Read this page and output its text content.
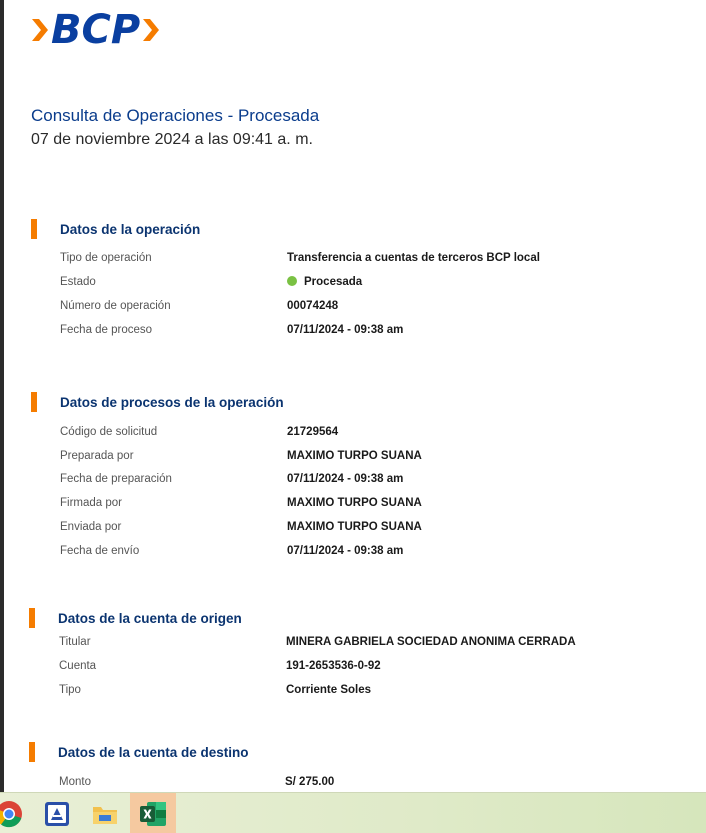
BCP
Consulta de Operaciones - Procesada
07 de noviembre 2024 a las 09:41 a. m.
Datos de la operación
Tipo de operación	Transferencia a cuentas de terceros BCP local
Estado	Procesada
Número de operación	00074248
Fecha de proceso	07/11/2024 - 09:38 am
Datos de procesos de la operación
Código de solicitud	21729564
Preparada por	MAXIMO TURPO SUANA
Fecha de preparación	07/11/2024 - 09:38 am
Firmada por	MAXIMO TURPO SUANA
Enviada por	MAXIMO TURPO SUANA
Fecha de envío	07/11/2024 - 09:38 am
Datos de la cuenta de origen
Titular	MINERA GABRIELA SOCIEDAD ANONIMA CERRADA
Cuenta	191-2653536-0-92
Tipo	Corriente Soles
Datos de la cuenta de destino
Monto	S/ 275.00
